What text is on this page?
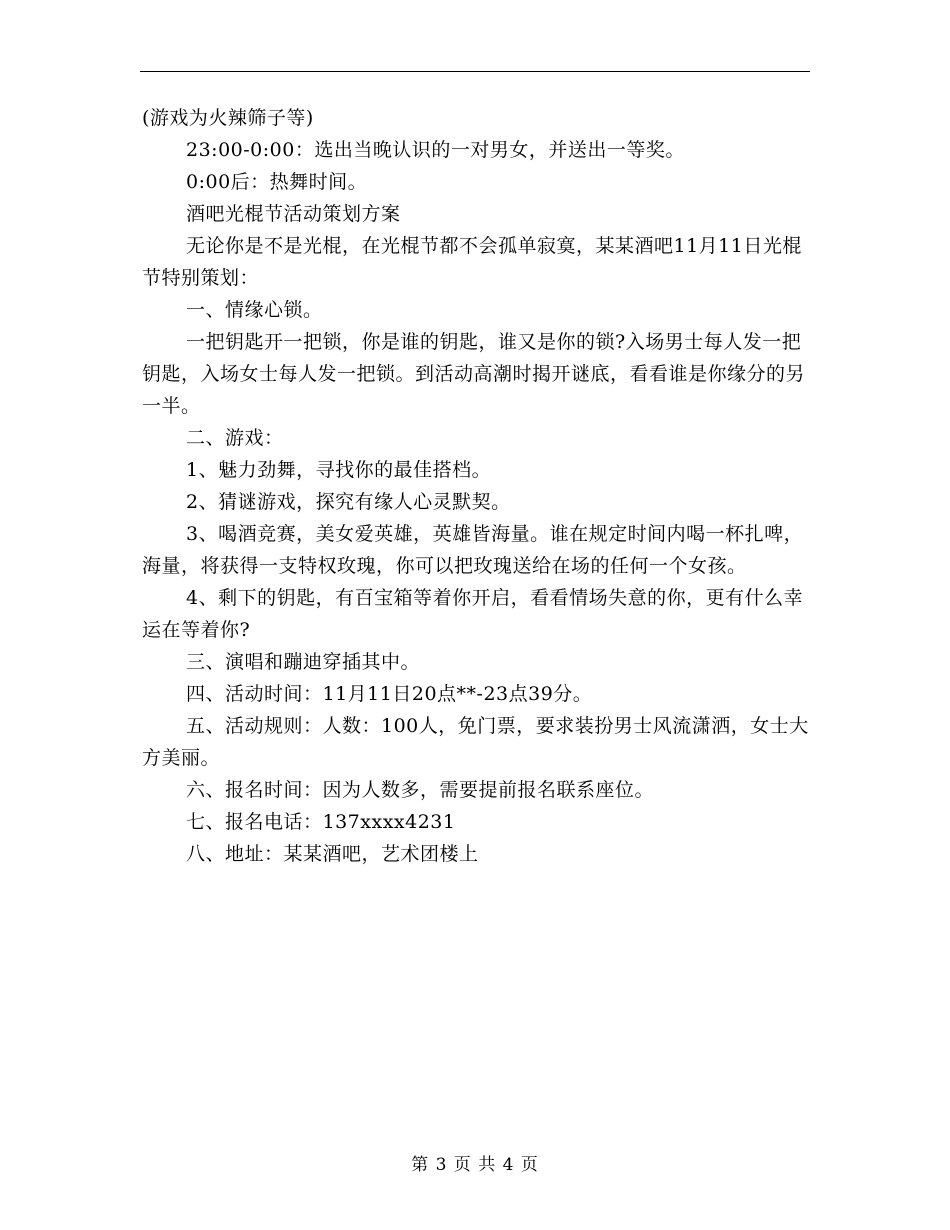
(游戏为火辣筛子等)

23:00-0:00：选出当晚认识的一对男女，并送出一等奖。

0:00后：热舞时间。

酒吧光棍节活动策划方案

无论你是不是光棍，在光棍节都不会孤单寂寞，某某酒吧11月11日光棍节特别策划：

一、情缘心锁。

一把钥匙开一把锁，你是谁的钥匙，谁又是你的锁?入场男士每人发一把钥匙，入场女士每人发一把锁。到活动高潮时揭开谜底，看看谁是你缘分的另一半。

二、游戏：

1、魅力劲舞，寻找你的最佳搭档。

2、猜谜游戏，探究有缘人心灵默契。

3、喝酒竞赛，美女爱英雄，英雄皆海量。谁在规定时间内喝一杯扎啤，海量，将获得一支特权玫瑰，你可以把玫瑰送给在场的任何一个女孩。

4、剩下的钥匙，有百宝箱等着你开启，看看情场失意的你，更有什么幸运在等着你?

三、演唱和蹦迪穿插其中。

四、活动时间：11月11日20点**-23点39分。

五、活动规则：人数：100人，免门票，要求装扮男士风流潇洒，女士大方美丽。

六、报名时间：因为人数多，需要提前报名联系座位。

七、报名电话：137xxxx4231

八、地址：某某酒吧，艺术团楼上

第 3 页 共 4 页
